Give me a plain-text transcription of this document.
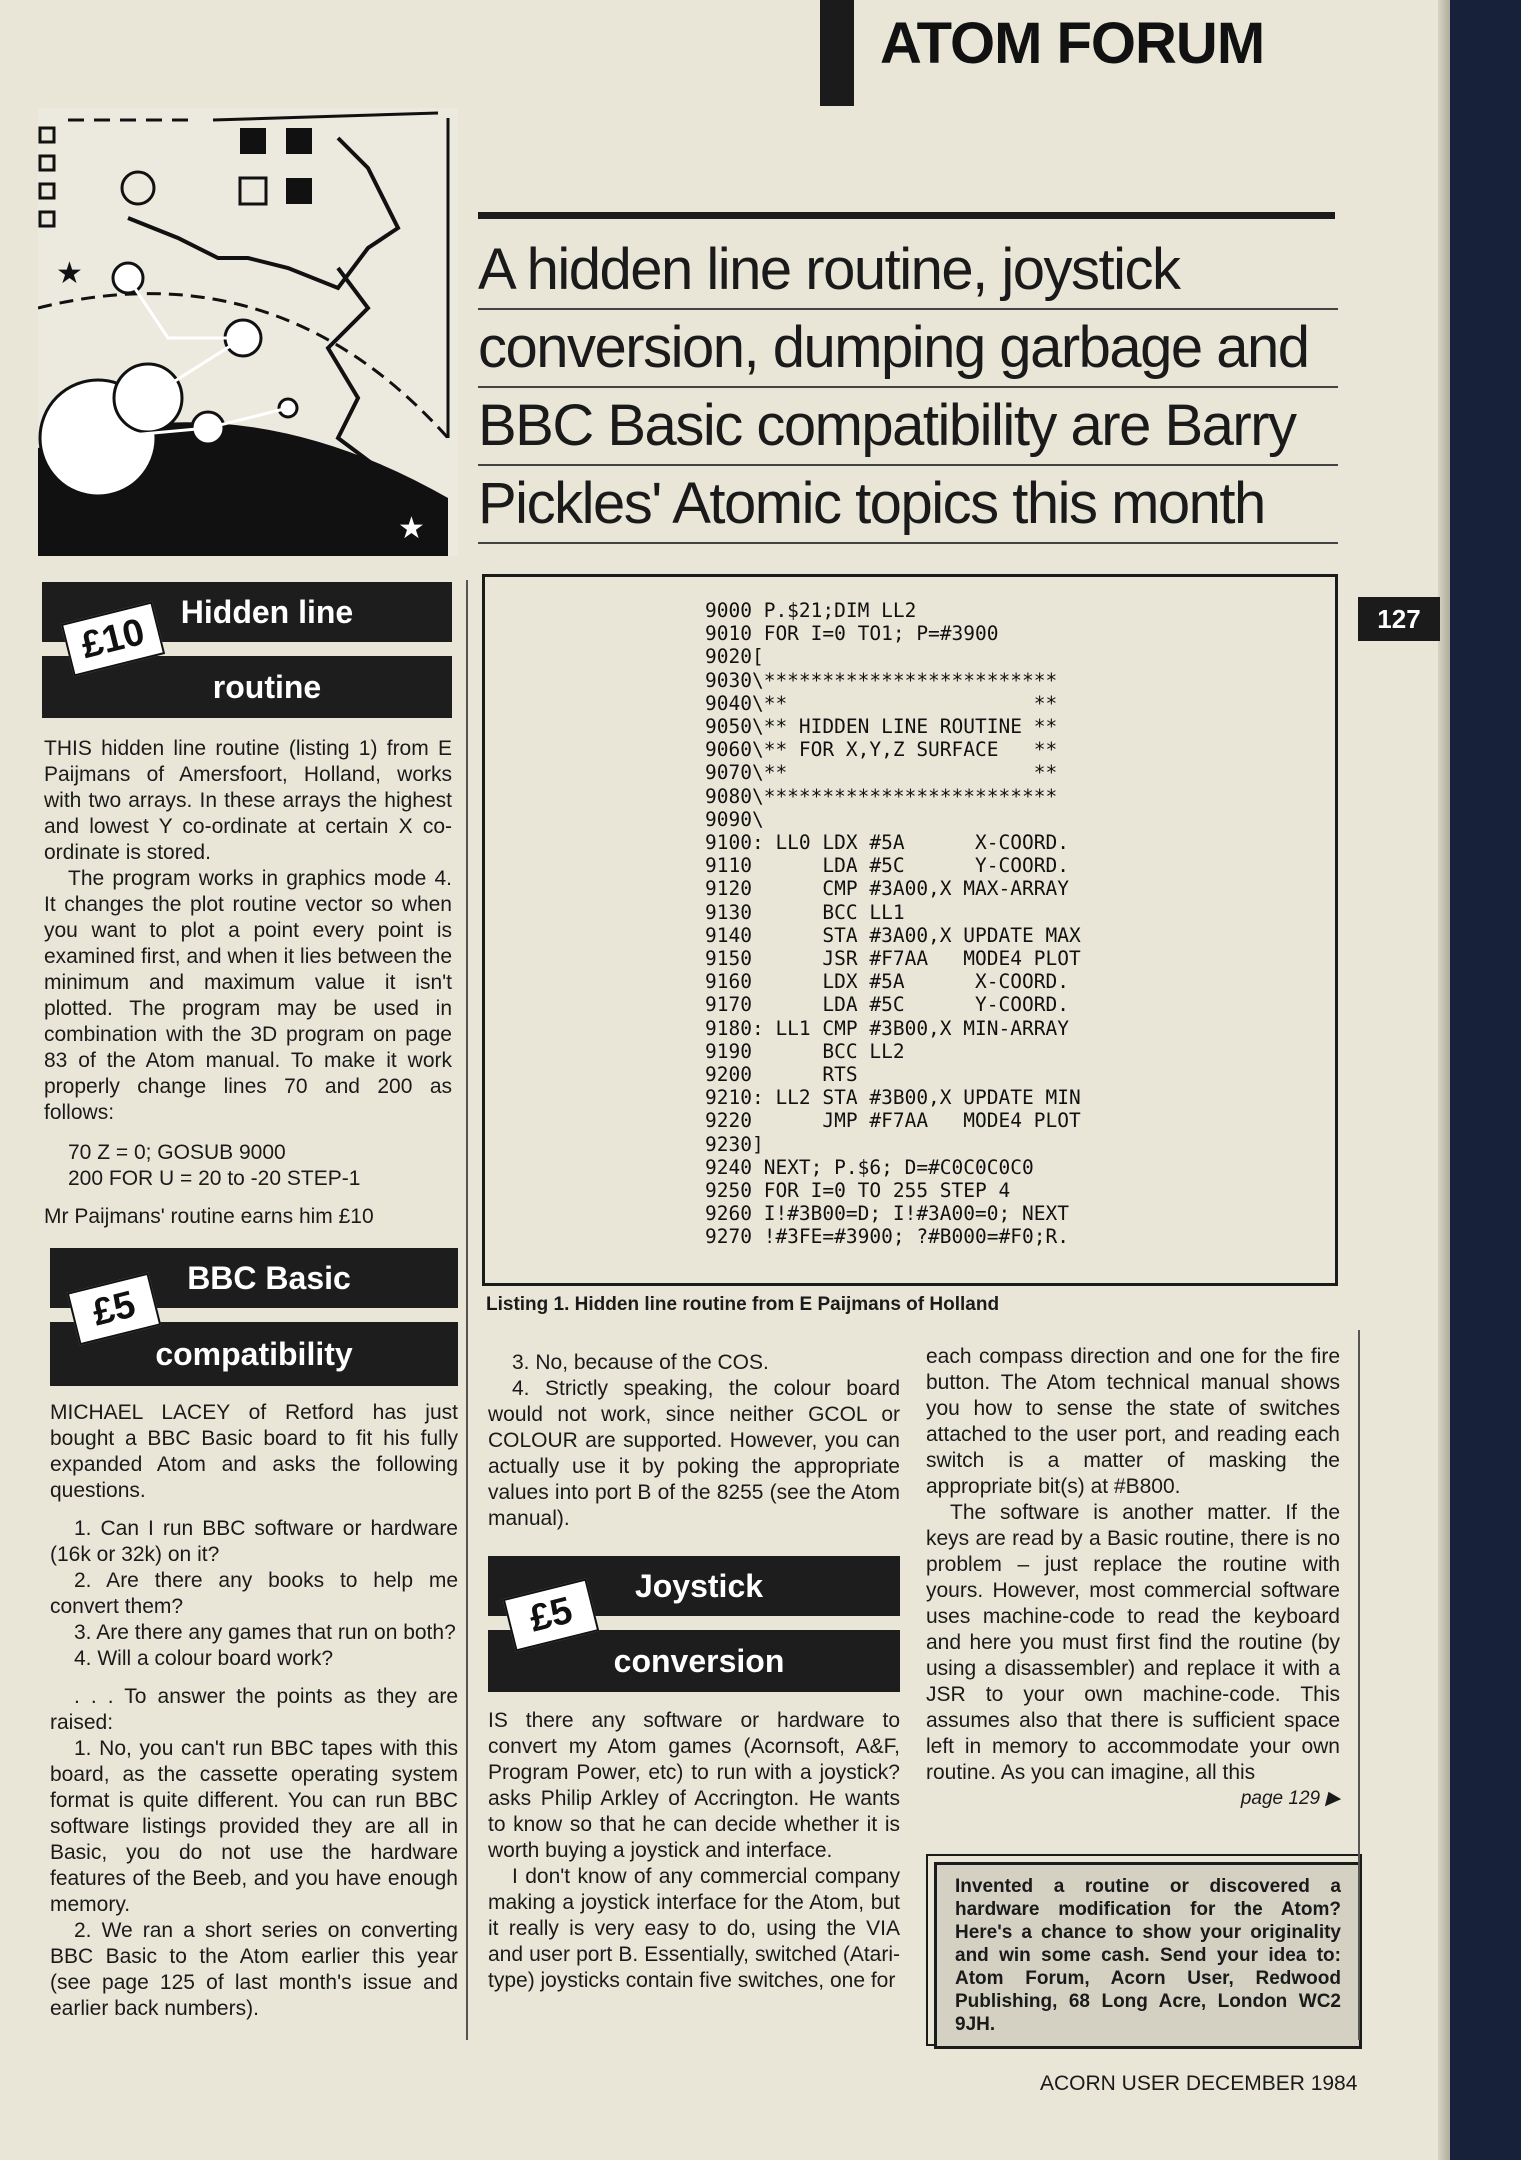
ATOM FORUM
127
★
★
A hidden line routine, joystick
conversion, dumping garbage and
BBC Basic compatibility are Barry
Pickles' Atomic topics this month
Hidden line
routine
£10

THIS hidden line routine (listing 1) from E Paijmans of Amersfoort, Holland, works with two arrays. In these arrays the highest and lowest Y co-ordinate at certain X co-ordinate is stored.

The program works in graphics mode 4. It changes the plot routine vector so when you want to plot a point every point is examined first, and when it lies between the minimum and maximum value it isn't plotted. The program may be used in combination with the 3D program on page 83 of the Atom manual. To make it work properly change lines 70 and 200 as follows:

70 Z = 0; GOSUB 9000
200 FOR U = 20 to -20 STEP-1

Mr Paijmans' routine earns him £10

BBC Basic
compatibility
£5

MICHAEL LACEY of Retford has just bought a BBC Basic board to fit his fully expanded Atom and asks the following questions.

1. Can I run BBC software or hardware (16k or 32k) on it?

2. Are there any books to help me convert them?

3. Are there any games that run on both?

4. Will a colour board work?

. . . To answer the points as they are raised:

1. No, you can't run BBC tapes with this board, as the cassette operating system format is quite different. You can run BBC software listings provided they are all in Basic, you do not use the hardware features of the Beeb, and you have enough memory.

2. We ran a short series on converting BBC Basic to the Atom earlier this year (see page 125 of last month's issue and earlier back numbers).

9000 P.$21;DIM LL2
9010 FOR I=0 TO1; P=#3900
9020[
9030\*************************
9040\**                     **
9050\** HIDDEN LINE ROUTINE **
9060\** FOR X,Y,Z SURFACE   **
9070\**                     **
9080\*************************
9090\
9100: LL0 LDX #5A      X-COORD.
9110      LDA #5C      Y-COORD.
9120      CMP #3A00,X MAX-ARRAY
9130      BCC LL1
9140      STA #3A00,X UPDATE MAX
9150      JSR #F7AA   MODE4 PLOT
9160      LDX #5A      X-COORD.
9170      LDA #5C      Y-COORD.
9180: LL1 CMP #3B00,X MIN-ARRAY
9190      BCC LL2
9200      RTS
9210: LL2 STA #3B00,X UPDATE MIN
9220      JMP #F7AA   MODE4 PLOT
9230]
9240 NEXT; P.$6; D=#C0C0C0C0
9250 FOR I=0 TO 255 STEP 4
9260 I!#3B00=D; I!#3A00=0; NEXT
9270 !#3FE=#3900; ?#B000=#F0;R.
Listing 1. Hidden line routine from E Paijmans of Holland

3. No, because of the COS.

4. Strictly speaking, the colour board would not work, since neither GCOL or COLOUR are supported. However, you can actually use it by poking the appropriate values into port B of the 8255 (see the Atom manual).

Joystick
conversion
£5

IS there any software or hardware to convert my Atom games (Acornsoft, A&F, Program Power, etc) to run with a joystick? asks Philip Arkley of Accrington. He wants to know so that he can decide whether it is worth buying a joystick and interface.

I don't know of any commercial company making a joystick interface for the Atom, but it really is very easy to do, using the VIA and user port B. Essentially, switched (Atari-type) joysticks contain five switches, one for

each compass direction and one for the fire button. The Atom technical manual shows you how to sense the state of switches attached to the user port, and reading each switch is a matter of masking the appropriate bit(s) at #B800.

The software is another matter. If the keys are read by a Basic routine, there is no problem – just replace the routine with yours. However, most commercial software uses machine-code to read the keyboard and here you must first find the routine (by using a disassembler) and replace it with a JSR to your own machine-code. This assumes also that there is sufficient space left in memory to accommodate your own routine. As you can imagine, all this

page 129 ▶
Invented a routine or discovered a hardware modification for the Atom? Here's a chance to show your originality and win some cash. Send your idea to: Atom Forum, Acorn User, Redwood Publishing, 68 Long Acre, London WC2 9JH.
ACORN USER DECEMBER 1984
